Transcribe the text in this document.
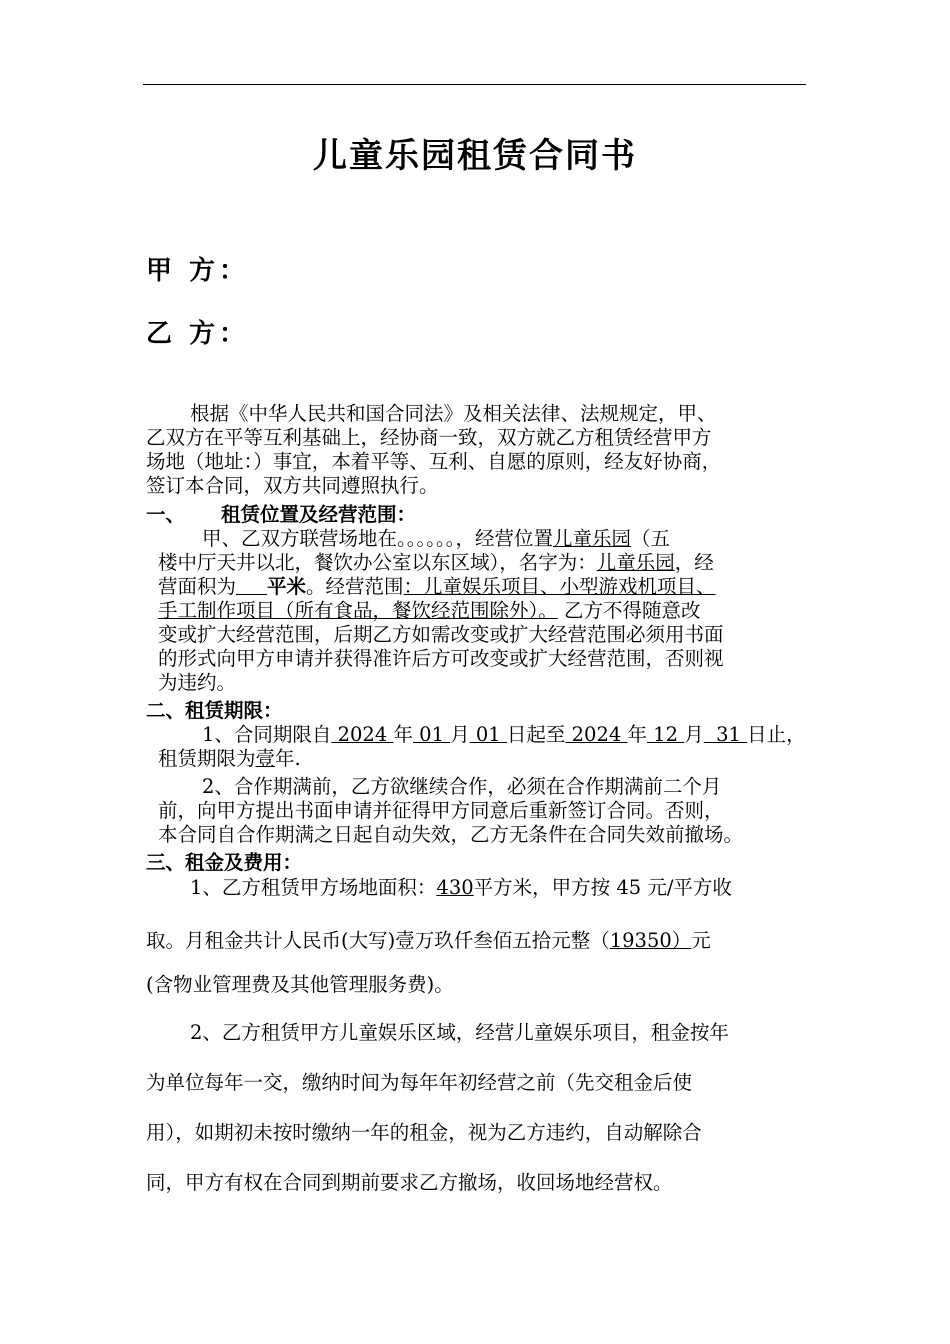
儿童乐园租赁合同书
甲 方：
乙 方：
根据《中华人民共和国合同法》及相关法律、法规规定，甲、
乙双方在平等互利基础上，经协商一致，双方就乙方租赁经营甲方
场地（地址：）事宜，本着平等、互利、自愿的原则，经友好协商，
签订本合同，双方共同遵照执行。
一、 租赁位置及经营范围：
甲、乙双方联营场地在。。。。。。，经营位置儿童乐园（五
楼中厅天井以北，餐饮办公室以东区域），名字为：儿童乐园，经
营面积为 平米。经营范围：儿童娱乐项目、小型游戏机项目、
手工制作项目（所有食品，餐饮经范围除外）。 乙方不得随意改
变或扩大经营范围，后期乙方如需改变或扩大经营范围必须用书面
的形式向甲方申请并获得准许后方可改变或扩大经营范围，否则视
为违约。
二、租赁期限：
1、合同期限自 2024 年 01 月 01 日起至 2024 年 12 月  31 日止，
租赁期限为壹年.
2、合作期满前，乙方欲继续合作，必须在合作期满前二个月
前，向甲方提出书面申请并征得甲方同意后重新签订合同。否则，
本合同自合作期满之日起自动失效，乙方无条件在合同失效前撤场。
三、租金及费用：
1、乙方租赁甲方场地面积：430平方米，甲方按 45 元/平方收
取。月租金共计人民币(大写)壹万玖仟叁佰五拾元整（19350）元
(含物业管理费及其他管理服务费)。
2、乙方租赁甲方儿童娱乐区域，经营儿童娱乐项目，租金按年
为单位每年一交，缴纳时间为每年年初经营之前（先交租金后使
用），如期初未按时缴纳一年的租金，视为乙方违约，自动解除合
同，甲方有权在合同到期前要求乙方撤场，收回场地经营权。
